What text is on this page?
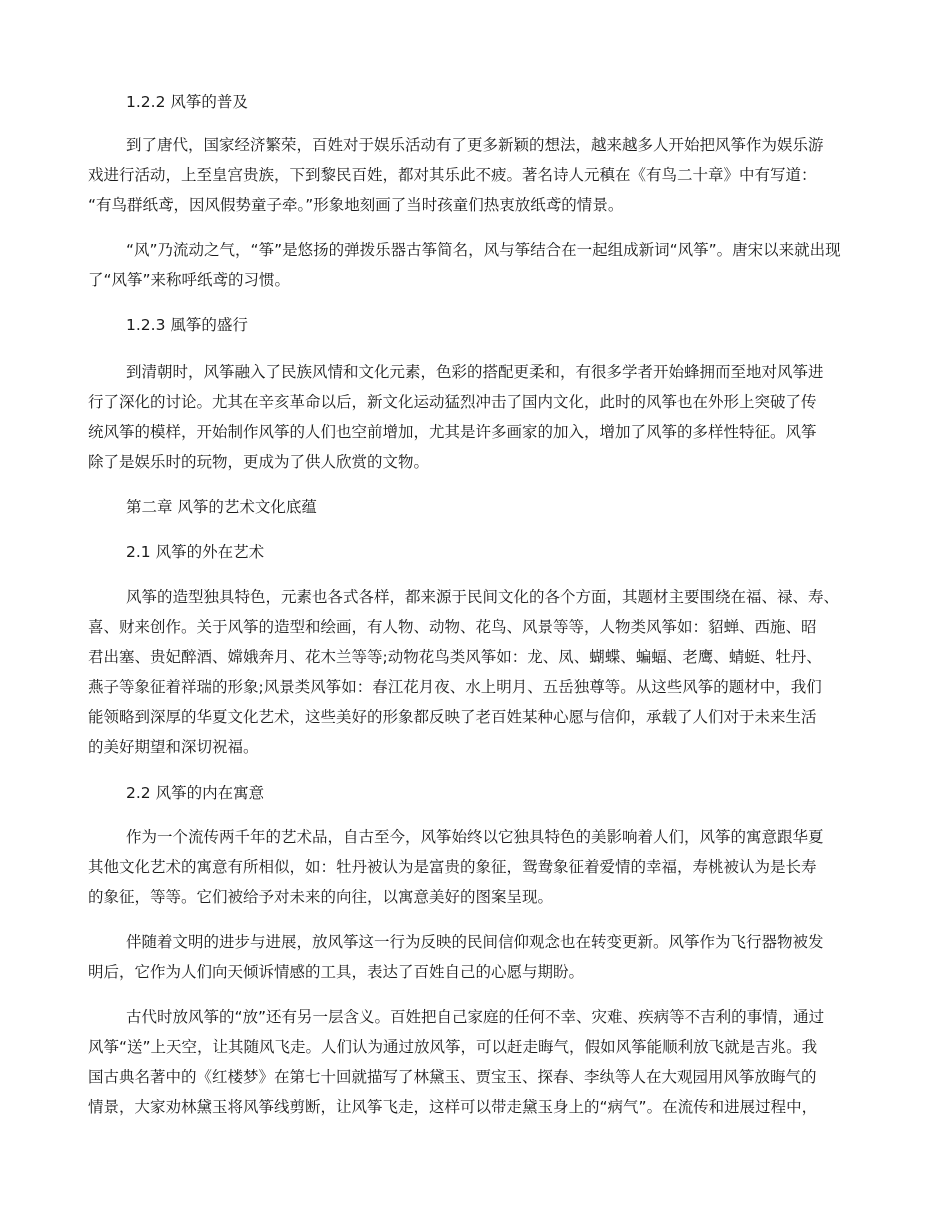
1.2.2 风筝的普及
到了唐代，国家经济繁荣，百姓对于娱乐活动有了更多新颖的想法，越来越多人开始把风筝作为娱乐游
戏进行活动，上至皇宫贵族，下到黎民百姓，都对其乐此不疲。著名诗人元稹在《有鸟二十章》中有写道：
“有鸟群纸鸢，因风假势童子牵。”形象地刻画了当时孩童们热衷放纸鸢的情景。
“风”乃流动之气，“筝”是悠扬的弹拨乐器古筝简名，风与筝结合在一起组成新词“风筝”。唐宋以来就出现
了“风筝”来称呼纸鸢的习惯。
1.2.3 風筝的盛行
到清朝时，风筝融入了民族风情和文化元素，色彩的搭配更柔和，有很多学者开始蜂拥而至地对风筝进
行了深化的讨论。尤其在辛亥革命以后，新文化运动猛烈冲击了国内文化，此时的风筝也在外形上突破了传
统风筝的模样，开始制作风筝的人们也空前增加，尤其是许多画家的加入，增加了风筝的多样性特征。风筝
除了是娱乐时的玩物，更成为了供人欣赏的文物。
第二章 风筝的艺术文化底蕴
2.1 风筝的外在艺术
风筝的造型独具特色，元素也各式各样，都来源于民间文化的各个方面，其题材主要围绕在福、禄、寿、
喜、财来创作。关于风筝的造型和绘画，有人物、动物、花鸟、风景等等，人物类风筝如：貂蝉、西施、昭
君出塞、贵妃醉酒、嫦娥奔月、花木兰等等;动物花鸟类风筝如：龙、凤、蝴蝶、蝙蝠、老鹰、蜻蜓、牡丹、
燕子等象征着祥瑞的形象;风景类风筝如：春江花月夜、水上明月、五岳独尊等。从这些风筝的题材中，我们
能领略到深厚的华夏文化艺术，这些美好的形象都反映了老百姓某种心愿与信仰，承载了人们对于未来生活
的美好期望和深切祝福。
2.2 风筝的内在寓意
作为一个流传两千年的艺术品，自古至今，风筝始终以它独具特色的美影响着人们，风筝的寓意跟华夏
其他文化艺术的寓意有所相似，如：牡丹被认为是富贵的象征，鸳鸯象征着爱情的幸福，寿桃被认为是长寿
的象征，等等。它们被给予对未来的向往，以寓意美好的图案呈现。
伴随着文明的进步与进展，放风筝这一行为反映的民间信仰观念也在转变更新。风筝作为飞行器物被发
明后，它作为人们向天倾诉情感的工具，表达了百姓自己的心愿与期盼。
古代时放风筝的“放”还有另一层含义。百姓把自己家庭的任何不幸、灾难、疾病等不吉利的事情，通过
风筝“送”上天空，让其随风飞走。人们认为通过放风筝，可以赶走晦气，假如风筝能顺利放飞就是吉兆。我
国古典名著中的《红楼梦》在第七十回就描写了林黛玉、贾宝玉、探春、李纨等人在大观园用风筝放晦气的
情景，大家劝林黛玉将风筝线剪断，让风筝飞走，这样可以带走黛玉身上的“病气”。在流传和进展过程中，
